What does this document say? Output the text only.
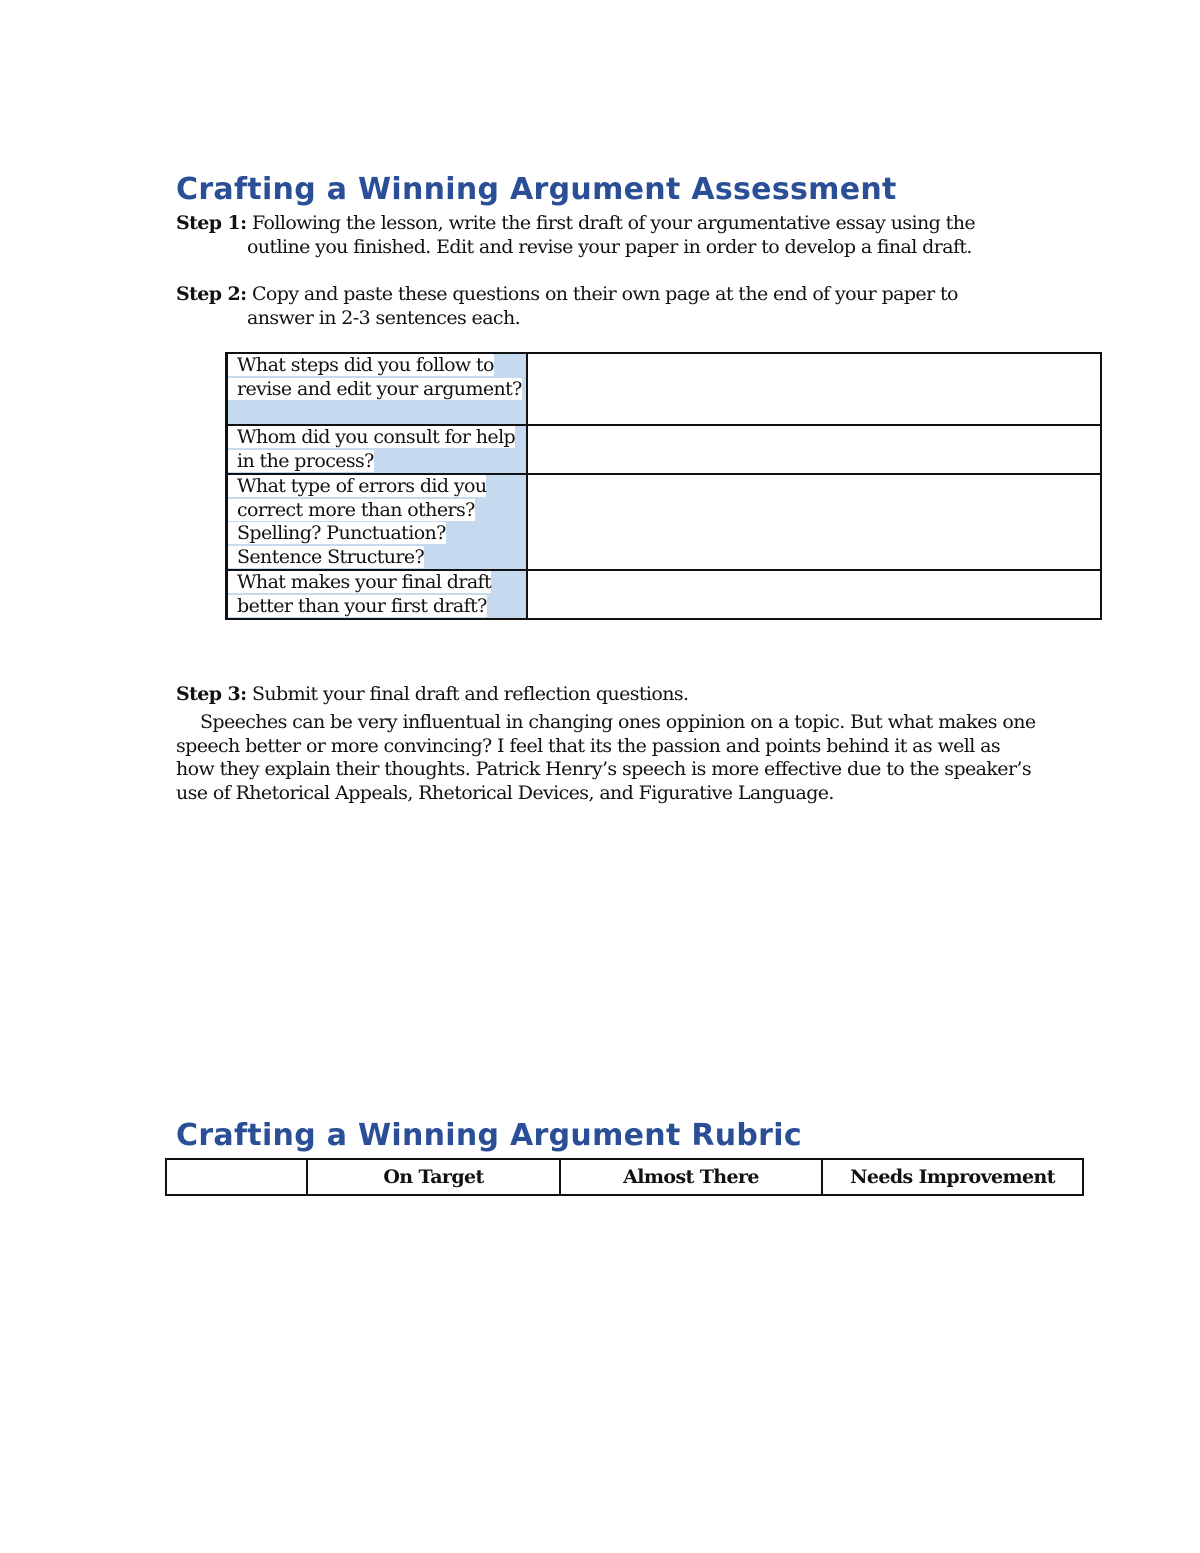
Crafting a Winning Argument Assessment
Step 1: Following the lesson, write the first draft of your argumentative essay using the
outline you finished. Edit and revise your paper in order to develop a final draft.
Step 2: Copy and paste these questions on their own page at the end of your paper to
answer in 2-3 sentences each.
What steps did you follow to revise and edit your argument?	
Whom did you consult for help in the process?	
What type of errors did you correct more than others? Spelling? Punctuation? Sentence Structure?	
What makes your final draft better than your first draft?	
Step 3: Submit your final draft and reflection questions.

Speeches can be very influentual in changing ones oppinion on a topic. But what makes one speech better or more convincing? I feel that its the passion and points behind it as well as how they explain their thoughts. Patrick Henry’s speech is more effective due to the speaker’s use of Rhetorical Appeals, Rhetorical Devices, and Figurative Language.

Crafting a Winning Argument Rubric
	On Target	Almost There	Needs Improvement
